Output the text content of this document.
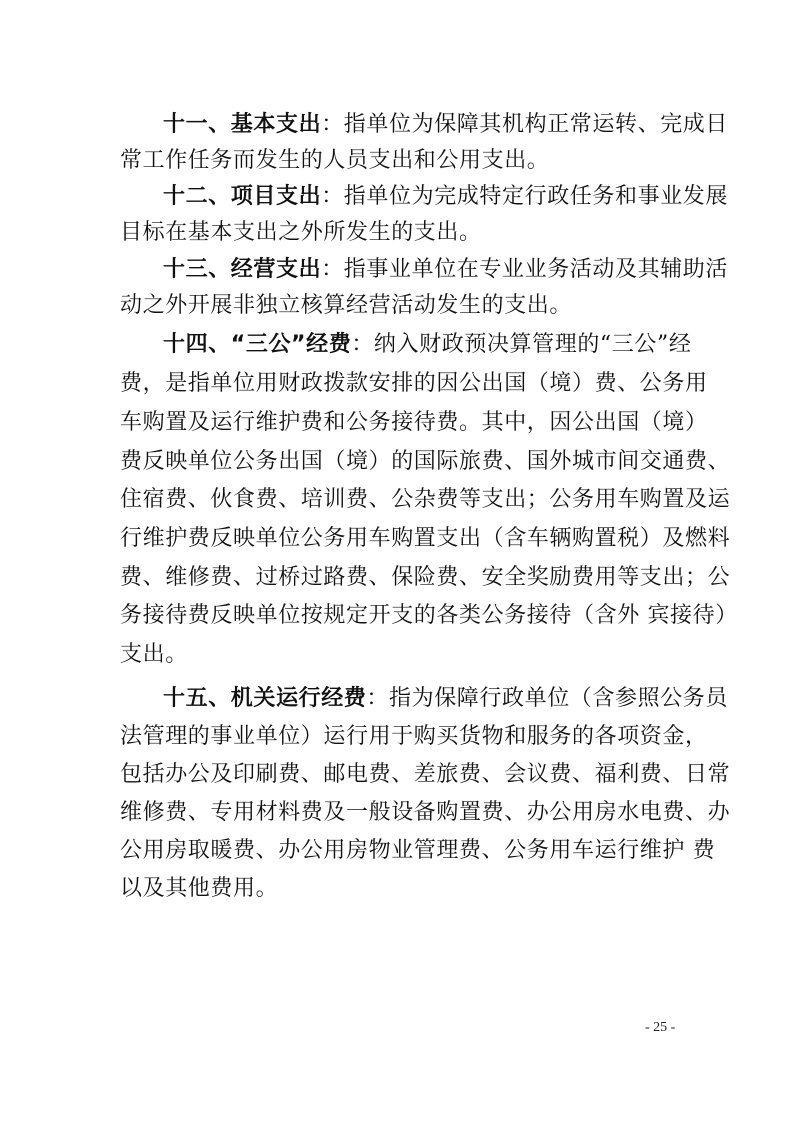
十一、基本支出：指单位为保障其机构正常运转、完成日
常工作任务而发生的人员支出和公用支出。
十二、项目支出：指单位为完成特定行政任务和事业发展
目标在基本支出之外所发生的支出。
十三、经营支出：指事业单位在专业业务活动及其辅助活
动之外开展非独立核算经营活动发生的支出。
十四、“三公”经费：纳入财政预决算管理的“三公”经
费，是指单位用财政拨款安排的因公出国（境）费、公务用
车购置及运行维护费和公务接待费。其中，因公出国（境）
费反映单位公务出国（境）的国际旅费、国外城市间交通费、
住宿费、伙食费、培训费、公杂费等支出；公务用车购置及运
行维护费反映单位公务用车购置支出（含车辆购置税）及燃料
费、维修费、过桥过路费、保险费、安全奖励费用等支出；公
务接待费反映单位按规定开支的各类公务接待（含外 宾接待）
支出。
十五、机关运行经费：指为保障行政单位（含参照公务员
法管理的事业单位）运行用于购买货物和服务的各项资金，
包括办公及印刷费、邮电费、差旅费、会议费、福利费、日常
维修费、专用材料费及一般设备购置费、办公用房水电费、办
公用房取暖费、办公用房物业管理费、公务用车运行维护 费
以及其他费用。
- 25 -
